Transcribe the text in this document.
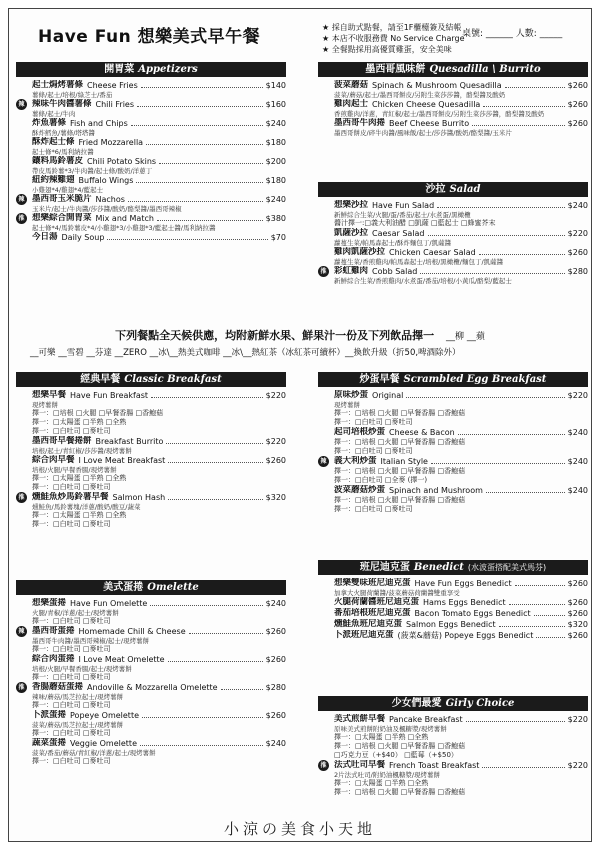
Have Fun 想樂美式早午餐	★ 採自助式點餐，請至1F櫃檯簽及結帳
★ 本店不收服務費 No Service Charge
★ 全餐點採用高優質雞蛋，安全美味
桌號: ______ 人數: _____
開胃菜 Appetizers
起士焗烤薯條 Cheese Fries	$140
薯條/起士/培根/綠芝士/番茄
辣 辣味牛肉醬薯條 Chili Fries	$160
薯條/起士/牛肉
炸魚薯條 Fish and Chips	$240
酥炸鱈魚/薯條/塔塔醬
酥炸起士條 Fried Mozzarella	$180
起士條*6/馬利納拉醬
鑲料馬鈴薯皮 Chili Potato Skins	$200
帶皮馬鈴薯*3/牛肉醬/起士條/酸奶/洋蔥丁
紐約辣雞翅 Buffalo Wings	$180
小雞翅*4/雞翅*4/藍起士
辣 墨西哥玉米脆片 Nachos	$240
玉米片/起士/牛肉醬/莎莎醬/酸奶/酪梨醬/墨西哥辣椒
推 想樂綜合開胃菜 Mix and Match	$380
起士條*4/馬鈴薯皮*4/小雞翅*3/小雞翅*3/藍起士醬/馬利納拉醬
今日湯 Daily Soup	$70
墨西哥風味餅 Quesadilla \ Burrito
菠菜蘑菇 Spinach & Mushroom Quesadilla	$260
菠菜/蘑菇/起士/墨西哥餅皮/另附生菜莎莎醬，酪梨醬及酸奶
雞肉起士 Chicken Cheese Quesadilla	$260
香煎雞肉/洋蔥，青紅椒/起士/墨西哥餅皮/另附生菜莎莎醬，酪梨醬及酸奶
墨西哥牛肉捲 Beef Cheese Burrito	$260
墨西哥餅皮/碎牛肉醬/風味飯/起士/莎莎醬/酸奶/酪梨醬/玉米片
沙拉 Salad
想樂沙拉 Have Fun Salad	$240
新鮮綜合生菜/火腿/蛋/番茄/起士/水煮蛋/黑橄欖
醬汁擇一:□義大利油醋 □凱薩 □藍起士 □蜂蜜芥末
凱薩沙拉 Caesar Salad	$220
蘿蔓生菜/帕馬森起士/酥炸麵包丁/凱薩醬
雞肉凱薩沙拉 Chicken Caesar Salad	$260
蘿蔓生菜/香煎雞肉/帕馬森起士/培根/黑橄欖/麵包丁/凱薩醬
推 彩虹雞肉 Cobb Salad	$280
新鮮綜合生菜/香煎雞肉/水煮蛋/番茄/培根/小黃瓜/酪梨/藍起士
下列餐點全天候供應，均附新鮮水果、鮮果汁一份及下列飲品擇一 __柳 __蘋
__可樂 __雪碧 __芬達 __ZERO __冰\__熱美式咖啡 __冰\__熱紅茶（冰紅茶可續杯）__換飲升級（折50,啤酒除外）
經典早餐 Classic Breakfast
想樂早餐 Have Fun Breakfast	$220
現烤薯餅
擇一：□培根 □火腿 □早餐香腸 □香鮑菇
擇一：□太陽蛋 □半熟 □全熟
擇一：□白吐司 □麥吐司
墨西哥早餐捲餅 Breakfast Burrito	$220
培根/起士/青紅椒/莎莎醬/現烤薯餅
綜合肉早餐 I Love Meat Breakfast	$260
培根/火腿/早餐香腸/現烤薯餅
擇一：□太陽蛋 □半熟 □全熟
擇一：□白吐司 □麥吐司
推 燻鮭魚炒馬鈴薯早餐 Salmon Hash	$320
燻鮭魚/馬鈴薯塊/洋蔥/酸奶/酸豆/蔬菜
擇一：□太陽蛋 □半熟 □全熟
擇一：□白吐司 □麥吐司
炒蛋早餐 Scrambled Egg Breakfast
原味炒蛋 Original	$220
現烤薯餅
擇一：□培根 □火腿 □早餐香腸 □香鮑菇
擇一：□白吐司 □麥吐司
起司培根炒蛋 Cheese & Bacon	$240
擇一：□培根 □火腿 □早餐香腸 □香鮑菇
擇一：□白吐司 □麥吐司
辣 義大利炒蛋 Italian Style	$240
擇一：□培根 □火腿 □早餐香腸 □香鮑菇
擇一：□白吐司 □全麥 (擇一)
波菜蘑菇炒蛋 Spinach and Mushroom	$240
擇一：□培根 □火腿 □早餐香腸 □香鮑菇
擇一：□白吐司 □麥吐司
班尼迪克蛋 Benedict (水波蛋搭配美式馬芬)
想樂雙味班尼迪克蛋 Have Fun Eggs Benedict	$260
加拿大火腿荷蘭醬/菠菜蘑菇荷蘭醬雙重享受
火腿荷蘭醬班尼迪克蛋 Hams Eggs Benedict	$260
番茄培根班尼迪克蛋 Bacon Tomato Eggs Benedict	$260
燻鮭魚班尼迪克蛋 Salmon Eggs Benedict	$320
卜派班尼迪克蛋 (菠菜&蘑菇) Popeye Eggs Benedict	$260
美式蛋捲 Omelette
想樂蛋捲 Have Fun Omelette	$240
火腿/青椒/洋蔥/起士/現烤薯餅
擇一：□白吐司 □麥吐司
辣 墨西哥蛋捲 Homemade Chill & Cheese	$260
墨西哥牛肉醬/墨西哥辣椒/起士/現烤薯餅
擇一：□白吐司 □麥吐司
綜合肉蛋捲 I Love Meat Omelette	$260
培根/火腿/早餐香腸/起士/現烤薯餅
擇一：□白吐司 □麥吐司
推 香腸蘑菇蛋捲 Andoville & Mozzarella Omelette	$280
辣味/蘑菇/馬芝拉起士/現烤薯餅
擇一：□白吐司 □麥吐司
卜派蛋捲 Popeye Omelette	$260
菠菜/蘑菇/馬芝拉起士/現烤薯餅
擇一：□白吐司 □麥吐司
蔬菜蛋捲 Veggie Omelette	$240
菠菜/番茄/蘑菇/青紅椒/洋蔥/起士/現烤薯餅
擇一：□白吐司 □麥吐司
少女們最愛 Girly Choice
美式煎餅早餐 Pancake Breakfast	$220
原味美式煎餅附奶油及楓糖漿/現烤薯餅
擇一：□太陽蛋 □半熟 □全熟
擇一：□培根 □火腿 □早餐香腸 □香鮑菇
□巧克力豆（+$40） □藍莓（+$50）
推 法式吐司早餐 French Toast Breakfast	$220
2片法式吐司/附奶油楓糖漿/現烤薯餅
擇一：□太陽蛋 □半熟 □全熟
擇一：□培根 □火腿 □早餐香腸 □香鮑菇
小涼の美食小天地
